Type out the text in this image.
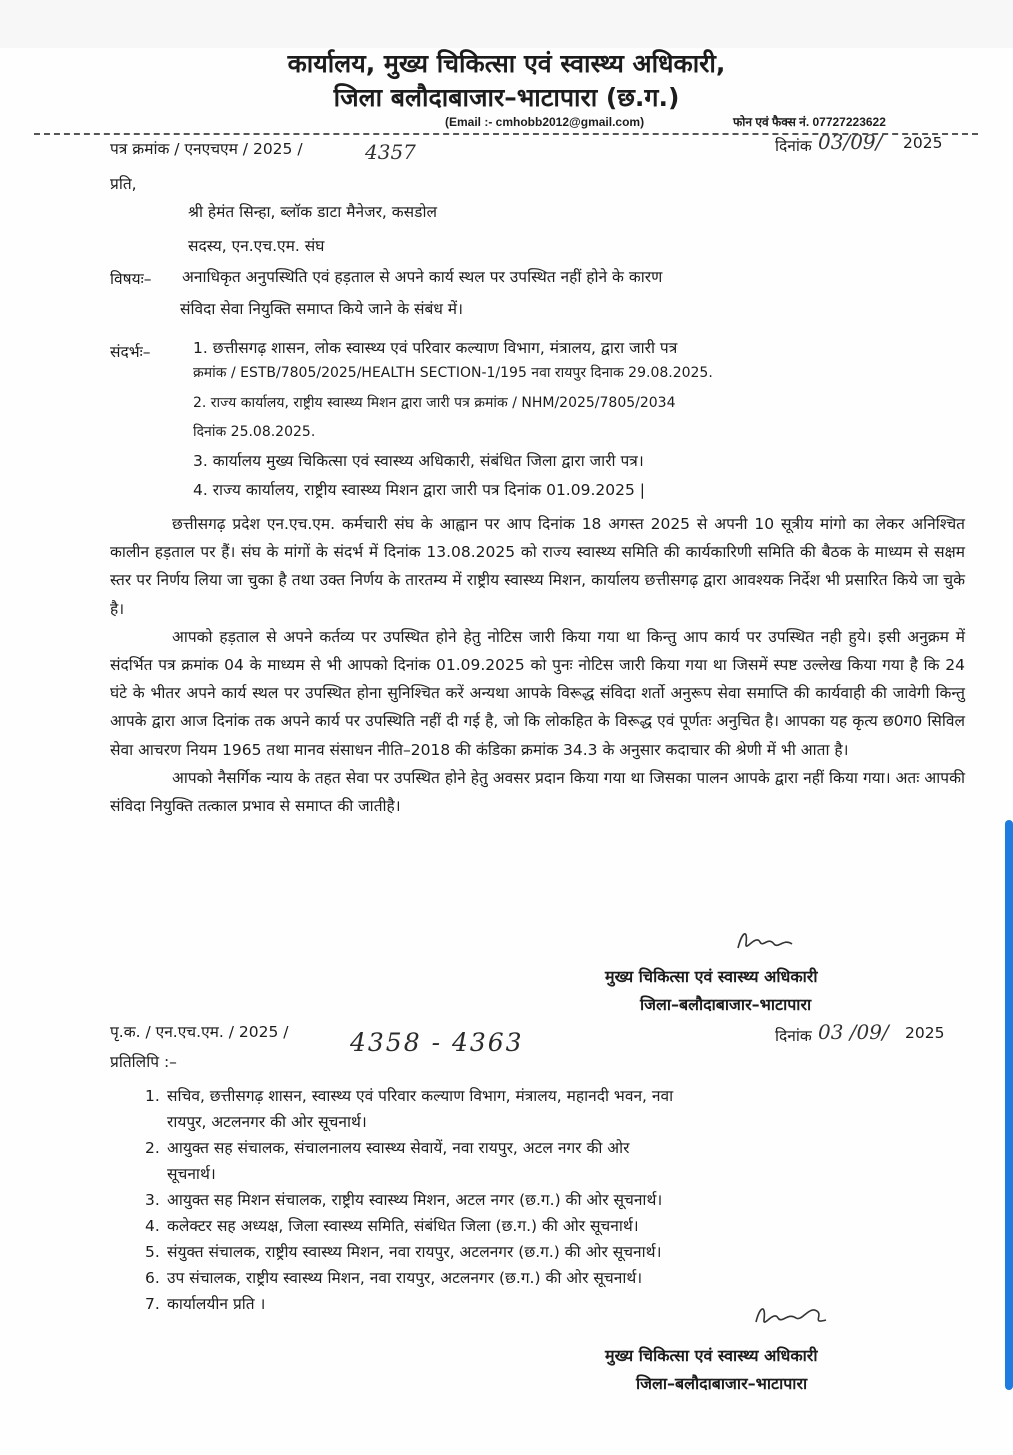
कार्यालय, मुख्य चिकित्सा एवं स्वास्थ्य अधिकारी,
जिला बलौदाबाजार–भाटापारा (छ.ग.)
(Email :- cmhobb2012@gmail.com)	फोन एवं फैक्स नं. 07727223622
पत्र क्रमांक / एनएचएम / 2025 /	4357	दिनांक 03/09/ 2025
प्रति,
श्री हेमंत सिन्हा, ब्लॉक डाटा मैनेजर, कसडोल
सदस्य, एन.एच.एम. संघ
विषयः– अनाधिकृत अनुपस्थिति एवं हड़ताल से अपने कार्य स्थल पर उपस्थित नहीं होने के कारण
संविदा सेवा नियुक्ति समाप्त किये जाने के संबंध में।
संदर्भः–	1. छत्तीसगढ़ शासन, लोक स्वास्थ्य एवं परिवार कल्याण विभाग, मंत्रालय, द्वारा जारी पत्र
क्रमांक / ESTB/7805/2025/HEALTH SECTION-1/195 नवा रायपुर दिनाक 29.08.2025.
2. राज्य कार्यालय, राष्ट्रीय स्वास्थ्य मिशन द्वारा जारी पत्र क्रमांक / NHM/2025/7805/2034
दिनांक 25.08.2025.
3. कार्यालय मुख्य चिकित्सा एवं स्वास्थ्य अधिकारी, संबंधित जिला द्वारा जारी पत्र।
4. राज्य कार्यालय, राष्ट्रीय स्वास्थ्य मिशन द्वारा जारी पत्र दिनांक 01.09.2025 |

छत्तीसगढ़ प्रदेश एन.एच.एम. कर्मचारी संघ के आह्वान पर आप दिनांक 18 अगस्त 2025 से अपनी 10 सूत्रीय मांगो का लेकर अनिश्चित कालीन हड़ताल पर हैं। संघ के मांगों के संदर्भ में दिनांक 13.08.2025 को राज्य स्वास्थ्य समिति की कार्यकारिणी समिति की बैठक के माध्यम से सक्षम स्तर पर निर्णय लिया जा चुका है तथा उक्त निर्णय के तारतम्य में राष्ट्रीय स्वास्थ्य मिशन, कार्यालय छत्तीसगढ़ द्वारा आवश्यक निर्देश भी प्रसारित किये जा चुके है।

आपको हड़ताल से अपने कर्तव्य पर उपस्थित होने हेतु नोटिस जारी किया गया था किन्तु आप कार्य पर उपस्थित नही हुये। इसी अनुक्रम में संदर्भित पत्र क्रमांक 04 के माध्यम से भी आपको दिनांक 01.09.2025 को पुनः नोटिस जारी किया गया था जिसमें स्पष्ट उल्लेख किया गया है कि 24 घंटे के भीतर अपने कार्य स्थल पर उपस्थित होना सुनिश्चित करें अन्यथा आपके विरूद्ध संविदा शर्तो अनुरूप सेवा समाप्ति की कार्यवाही की जावेगी किन्तु आपके द्वारा आज दिनांक तक अपने कार्य पर उपस्थिति नहीं दी गई है, जो कि लोकहित के विरूद्ध एवं पूर्णतः अनुचित है। आपका यह कृत्य छ0ग0 सिविल सेवा आचरण नियम 1965 तथा मानव संसाधन नीति–2018 की कंडिका क्रमांक 34.3 के अनुसार कदाचार की श्रेणी में भी आता है।

आपको नैसर्गिक न्याय के तहत सेवा पर उपस्थित होने हेतु अवसर प्रदान किया गया था जिसका पालन आपके द्वारा नहीं किया गया। अतः आपकी संविदा नियुक्ति तत्काल प्रभाव से समाप्त की जातीहै।

मुख्य चिकित्सा एवं स्वास्थ्य अधिकारी
जिला–बलौदाबाजार–भाटापारा
पृ.क. / एन.एच.एम. / 2025 / 4358 - 4363	दिनांक 03 /09/ 2025
प्रतिलिपि :–
1. सचिव, छत्तीसगढ़ शासन, स्वास्थ्य एवं परिवार कल्याण विभाग, मंत्रालय, महानदी भवन, नवा
रायपुर, अटलनगर की ओर सूचनार्थ।
2. आयुक्त सह संचालक, संचालनालय स्वास्थ्य सेवायें, नवा रायपुर, अटल नगर की ओर
सूचनार्थ।
3. आयुक्त सह मिशन संचालक, राष्ट्रीय स्वास्थ्य मिशन, अटल नगर (छ.ग.) की ओर सूचनार्थ।
4. कलेक्टर सह अध्यक्ष, जिला स्वास्थ्य समिति, संबंधित जिला (छ.ग.) की ओर सूचनार्थ।
5. संयुक्त संचालक, राष्ट्रीय स्वास्थ्य मिशन, नवा रायपुर, अटलनगर (छ.ग.) की ओर सूचनार्थ।
6. उप संचालक, राष्ट्रीय स्वास्थ्य मिशन, नवा रायपुर, अटलनगर (छ.ग.) की ओर सूचनार्थ।
7. कार्यालयीन प्रति ।
मुख्य चिकित्सा एवं स्वास्थ्य अधिकारी
जिला–बलौदाबाजार–भाटापारा
